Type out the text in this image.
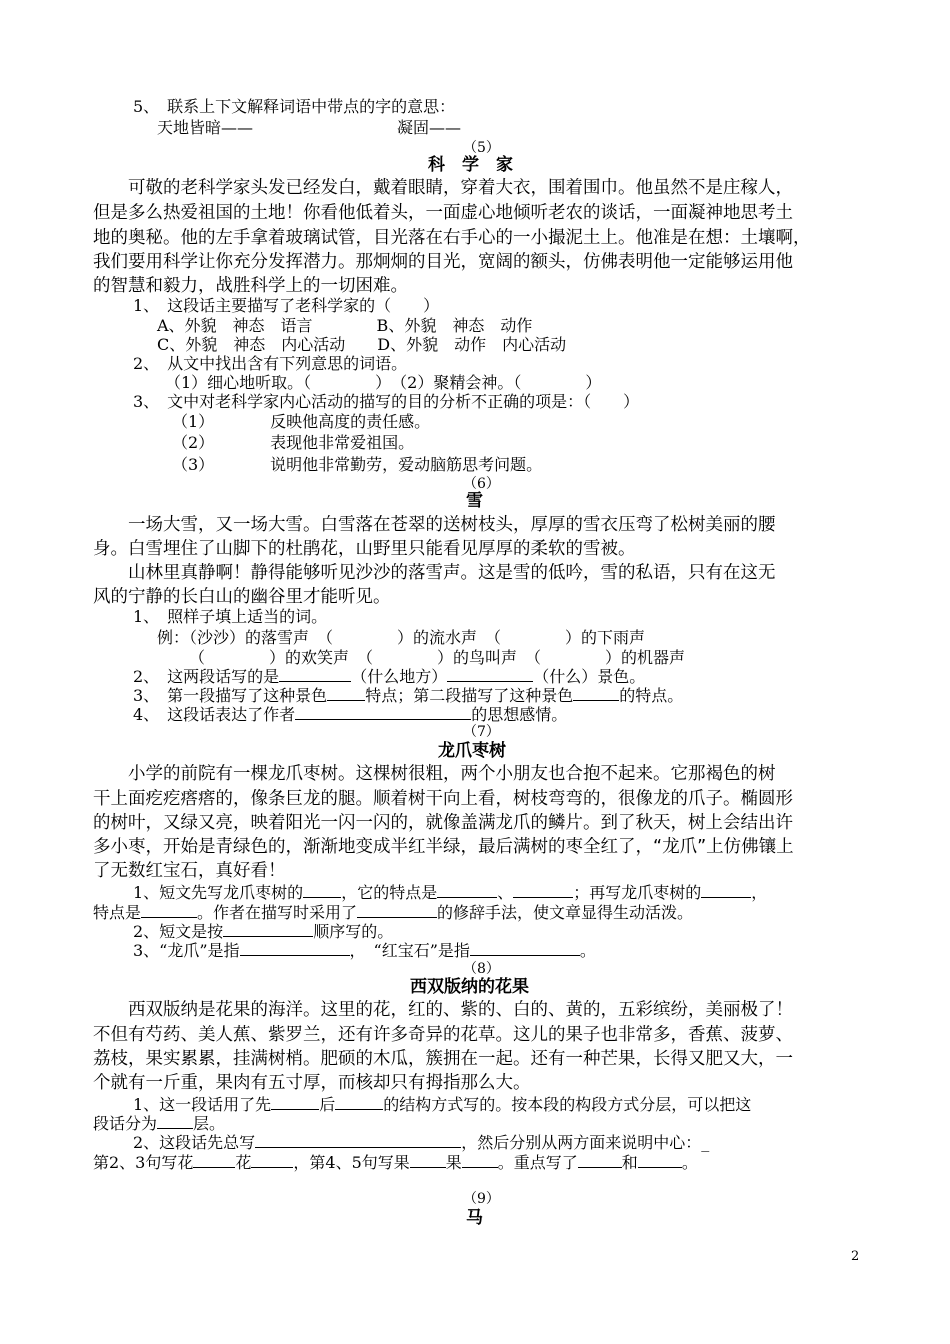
5、　联系上下文解释词语中带点的字的意思：
天地皆暗——　　　　　　　　　凝固——
（5）
科　学　家
　　可敬的老科学家头发已经发白，戴着眼睛，穿着大衣，围着围巾。他虽然不是庄稼人，
但是多么热爱祖国的土地！你看他低着头，一面虚心地倾听老农的谈话，一面凝神地思考土
地的奥秘。他的左手拿着玻璃试管，目光落在右手心的一小撮泥土上。他准是在想：土壤啊，
我们要用科学让你充分发挥潜力。那炯炯的目光，宽阔的额头，仿佛表明他一定能够运用他
的智慧和毅力，战胜科学上的一切困难。
1、　这段话主要描写了老科学家的（　　）
A、外貌　神态　语言　　　　B、外貌　神态　动作
C、外貌　神态　内心活动　　D、外貌　动作　内心活动
2、　从文中找出含有下列意思的词语。
（1）细心地听取。（　　　　）　（2）聚精会神。（　　　　）
3、　文中对老科学家内心活动的描写的目的分析不正确的项是：（　　）
（1）　　　　反映他高度的责任感。
（2）　　　　表现他非常爱祖国。
（3）　　　　说明他非常勤劳，爱动脑筋思考问题。
（6）
雪
　　一场大雪，又一场大雪。白雪落在苍翠的送树枝头，厚厚的雪衣压弯了松树美丽的腰
身。白雪埋住了山脚下的杜鹃花，山野里只能看见厚厚的柔软的雪被。
　　山林里真静啊！静得能够听见沙沙的落雪声。这是雪的低吟，雪的私语，只有在这无
风的宁静的长白山的幽谷里才能听见。
1、　照样子填上适当的词。
例：（沙沙）的落雪声　（　　　　）的流水声　（　　　　）的下雨声
（　　　　）的欢笑声　（　　　　）的鸟叫声　（　　　　）的机器声
2、　这两段话写的是	（什么地方）	（什么）景色。
3、　第一段描写了这种景色 特点；第二段描写了这种景色	的特点。
4、　这段话表达了作者	的思想感情。
（7）
龙爪枣树
　　小学的前院有一棵龙爪枣树。这棵树很粗，两个小朋友也合抱不起来。它那褐色的树
干上面疙疙瘩瘩的，像条巨龙的腿。顺着树干向上看，树枝弯弯的，很像龙的爪子。椭圆形
的树叶，又绿又亮，映着阳光一闪一闪的，就像盖满龙爪的鳞片。到了秋天，树上会结出许
多小枣，开始是青绿色的，渐渐地变成半红半绿，最后满树的枣全红了，“龙爪”上仿佛镶上
了无数红宝石，真好看！
1、短文先写龙爪枣树的 ，它的特点是	、	；再写龙爪枣树的	，
特点是	。作者在描写时采用了	的修辞手法，使文章显得生动活泼。
2、短文是按	顺序写的。
3、“龙爪”是指	，　“红宝石”是指	。
（8）
西双版纳的花果
　　西双版纳是花果的海洋。这里的花，红的、紫的、白的、黄的，五彩缤纷，美丽极了！
不但有芍药、美人蕉、紫罗兰，还有许多奇异的花草。这儿的果子也非常多，香蕉、菠萝、
荔枝，果实累累，挂满树梢。肥硕的木瓜，簇拥在一起。还有一种芒果，长得又肥又大，一
个就有一斤重，果肉有五寸厚，而核却只有拇指那么大。
1、这一段话用了先	后	的结构方式写的。按本段的构段方式分层，可以把这
段话分为 层。
2、这段话先总写	，然后分别从两方面来说明中心：_
第2、3句写花	花	，第4、5句写果 果 。重点写了	和	。
（9）
马
2
